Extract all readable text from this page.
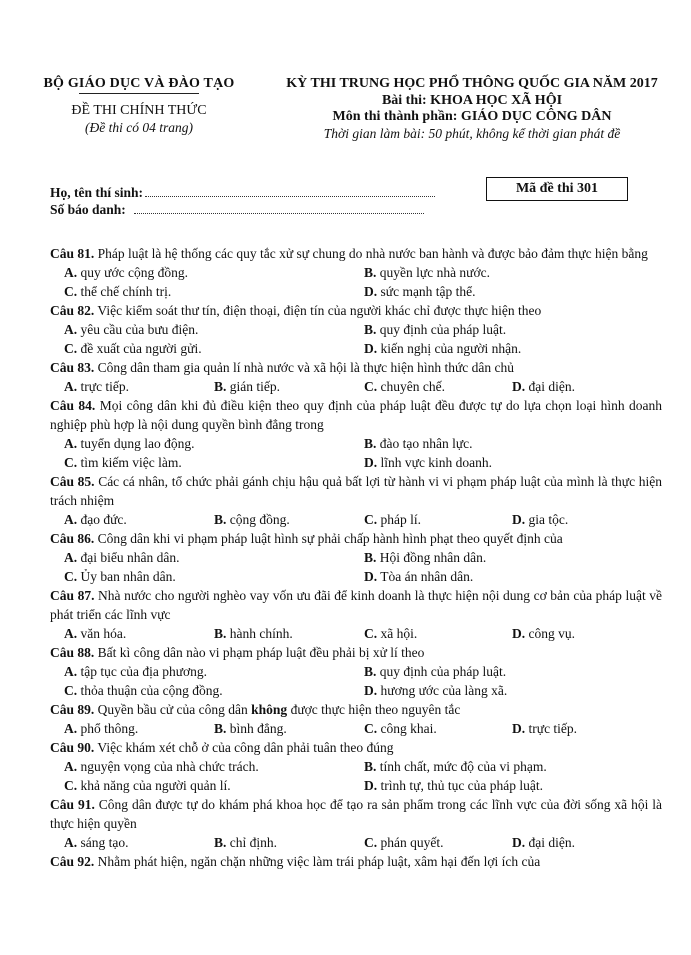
BỘ GIÁO DỤC VÀ ĐÀO TẠO
ĐỀ THI CHÍNH THỨC
(Đề thi có 04 trang)
KỲ THI TRUNG HỌC PHỔ THÔNG QUỐC GIA NĂM 2017
Bài thi: KHOA HỌC XÃ HỘI
Môn thi thành phần: GIÁO DỤC CÔNG DÂN
Thời gian làm bài: 50 phút, không kể thời gian phát đề
Họ, tên thí sinh:
Số báo danh:
Mã đề thi 301
Câu 81. Pháp luật là hệ thống các quy tắc xử sự chung do nhà nước ban hành và được bảo đảm thực hiện bằng
A. quy ước cộng đồng.	B. quyền lực nhà nước.
C. thể chế chính trị.	D. sức mạnh tập thể.
Câu 82. Việc kiểm soát thư tín, điện thoại, điện tín của người khác chỉ được thực hiện theo
A. yêu cầu của bưu điện.	B. quy định của pháp luật.
C. đề xuất của người gửi.	D. kiến nghị của người nhận.
Câu 83. Công dân tham gia quản lí nhà nước và xã hội là thực hiện hình thức dân chủ
A. trực tiếp.	B. gián tiếp.	C. chuyên chế.	D. đại diện.
Câu 84. Mọi công dân khi đủ điều kiện theo quy định của pháp luật đều được tự do lựa chọn loại hình doanh nghiệp phù hợp là nội dung quyền bình đẳng trong
A. tuyển dụng lao động.	B. đào tạo nhân lực.
C. tìm kiếm việc làm.	D. lĩnh vực kinh doanh.
Câu 85. Các cá nhân, tổ chức phải gánh chịu hậu quả bất lợi từ hành vi vi phạm pháp luật của mình là thực hiện trách nhiệm
A. đạo đức.	B. cộng đồng.	C. pháp lí.	D. gia tộc.
Câu 86. Công dân khi vi phạm pháp luật hình sự phải chấp hành hình phạt theo quyết định của
A. đại biểu nhân dân.	B. Hội đồng nhân dân.
C. Ủy ban nhân dân.	D. Tòa án nhân dân.
Câu 87. Nhà nước cho người nghèo vay vốn ưu đãi để kinh doanh là thực hiện nội dung cơ bản của pháp luật về phát triển các lĩnh vực
A. văn hóa.	B. hành chính.	C. xã hội.	D. công vụ.
Câu 88. Bất kì công dân nào vi phạm pháp luật đều phải bị xử lí theo
A. tập tục của địa phương.	B. quy định của pháp luật.
C. thỏa thuận của cộng đồng.	D. hương ước của làng xã.
Câu 89. Quyền bầu cử của công dân không được thực hiện theo nguyên tắc
A. phổ thông.	B. bình đẳng.	C. công khai.	D. trực tiếp.
Câu 90. Việc khám xét chỗ ở của công dân phải tuân theo đúng
A. nguyện vọng của nhà chức trách.	B. tính chất, mức độ của vi phạm.
C. khả năng của người quản lí.	D. trình tự, thủ tục của pháp luật.
Câu 91. Công dân được tự do khám phá khoa học để tạo ra sản phẩm trong các lĩnh vực của đời sống xã hội là thực hiện quyền
A. sáng tạo.	B. chỉ định.	C. phán quyết.	D. đại diện.
Câu 92. Nhằm phát hiện, ngăn chặn những việc làm trái pháp luật, xâm hại đến lợi ích của
